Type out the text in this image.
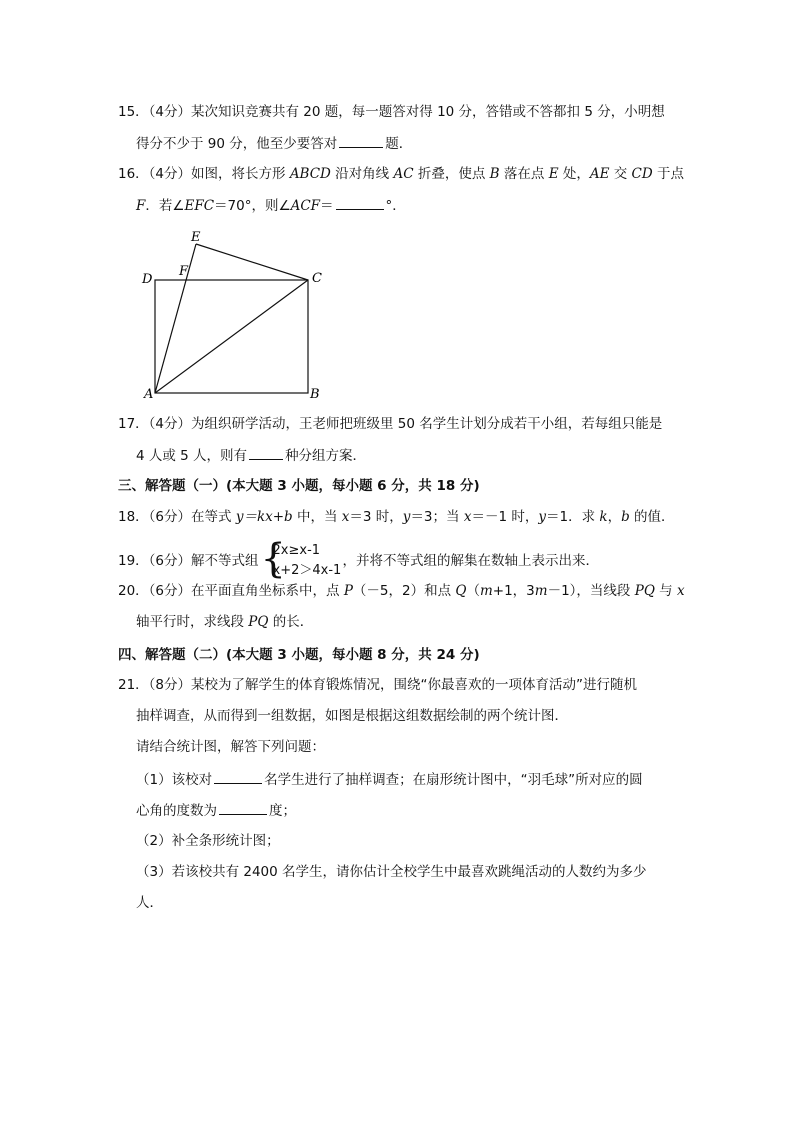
15．（4分）某次知识竞赛共有 20 题，每一题答对得 10 分，答错或不答都扣 5 分，小明想
得分不少于 90 分，他至少要答对	题．
16．（4分）如图，将长方形 ABCD 沿对角线 AC 折叠，使点 B 落在点 E 处，AE 交 CD 于点
F．若∠EFC＝70°，则∠ACF＝	°．
E
F
D	C
A	B
17．（4分）为组织研学活动，王老师把班级里 50 名学生计划分成若干小组，若每组只能是
4 人或 5 人，则有	种分组方案．
三、解答题（一）(本大题 3 小题，每小题 6 分，共 18 分)
18．（6分）在等式 y＝kx+b 中，当 x＝3 时，y＝3；当 x＝－1 时，y＝1．求 k，b 的值．
19．（6分）解不等式组 {
2x≥x-1
x+2＞4x-1
，并将不等式组的解集在数轴上表示出来．
20．（6分）在平面直角坐标系中，点 P（－5，2）和点 Q（m+1，3m－1），当线段 PQ 与 x
轴平行时，求线段 PQ 的长．
四、解答题（二）(本大题 3 小题，每小题 8 分，共 24 分)
21．（8分）某校为了解学生的体育锻炼情况，围绕“你最喜欢的一项体育活动”进行随机
抽样调查，从而得到一组数据，如图是根据这组数据绘制的两个统计图．
请结合统计图，解答下列问题：
（1）该校对	名学生进行了抽样调查；在扇形统计图中，“羽毛球”所对应的圆
心角的度数为	度；
（2）补全条形统计图；
（3）若该校共有 2400 名学生，请你估计全校学生中最喜欢跳绳活动的人数约为多少
人．
